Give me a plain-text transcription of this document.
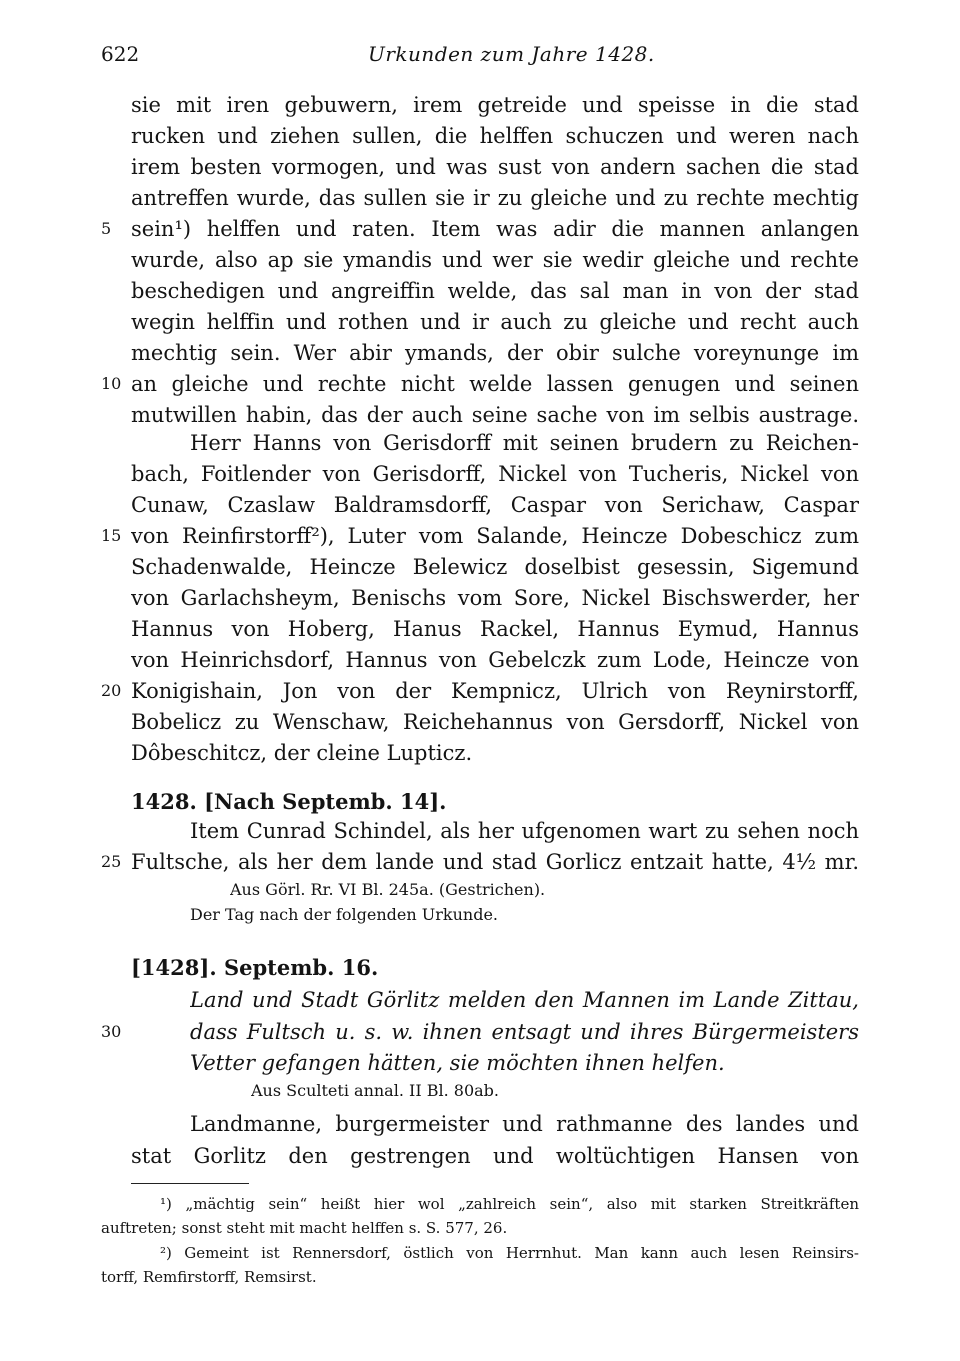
622	Urkunden zum Jahre 1428.
sie mit iren gebuwern, irem getreide und speisse in die stad
rucken und ziehen sullen, die helffen schuczen und weren nach
irem besten vormogen, und was sust von andern sachen die stad
antreffen wurde, das sullen sie ir zu gleiche und zu rechte mechtig
sein¹) helffen und raten. Item was adir die mannen anlangen
wurde, also ap sie ymandis und wer sie wedir gleiche und rechte
beschedigen und angreiffin welde, das sal man in von der stad
wegin helffin und rothen und ir auch zu gleiche und recht auch
mechtig sein. Wer abir ymands, der obir sulche voreynunge im
an gleiche und rechte nicht welde lassen genugen und seinen
mutwillen habin, das der auch seine sache von im selbis austrage.
Herr Hanns von Gerisdorff mit seinen brudern zu Reichen-
bach, Foitlender von Gerisdorff, Nickel von Tucheris, Nickel von
Cunaw, Czaslaw Baldramsdorff, Caspar von Serichaw, Caspar
von Reinfirstorff²), Luter vom Salande, Heincze Dobeschicz zum
Schadenwalde, Heincze Belewicz doselbist gesessin, Sigemund
von Garlachsheym, Benischs vom Sore, Nickel Bischswerder, her
Hannus von Hoberg, Hanus Rackel, Hannus Eymud, Hannus
von Heinrichsdorf, Hannus von Gebelczk zum Lode, Heincze von
Konigishain, Jon von der Kempnicz, Ulrich von Reynirstorff,
Bobelicz zu Wenschaw, Reichehannus von Gersdorff, Nickel von
Dôbeschitcz, der cleine Lupticz.
5
10
15
20
25
30
1428. [Nach Septemb. 14].
Item Cunrad Schindel, als her ufgenomen wart zu sehen noch
Fultsche, als her dem lande und stad Gorlicz entzait hatte, 4½ mr.
Aus Görl. Rr. VI Bl. 245a. (Gestrichen).
Der Tag nach der folgenden Urkunde.
[1428]. Septemb. 16.
Land und Stadt Görlitz melden den Mannen im Lande Zittau,
dass Fultsch u. s. w. ihnen entsagt und ihres Bürgermeisters
Vetter gefangen hätten, sie möchten ihnen helfen.
Aus Sculteti annal. II Bl. 80ab.
Landmanne, burgermeister und rathmanne des landes und
stat Gorlitz den gestrengen und woltüchtigen Hansen von
¹) „mächtig sein“ heißt hier wol „zahlreich sein“, also mit starken Streitkräften
auftreten; sonst steht mit macht helffen s. S. 577, 26.
²) Gemeint ist Rennersdorf, östlich von Herrnhut. Man kann auch lesen Reinsirs-
torff, Remfirstorff, Remsirst.
